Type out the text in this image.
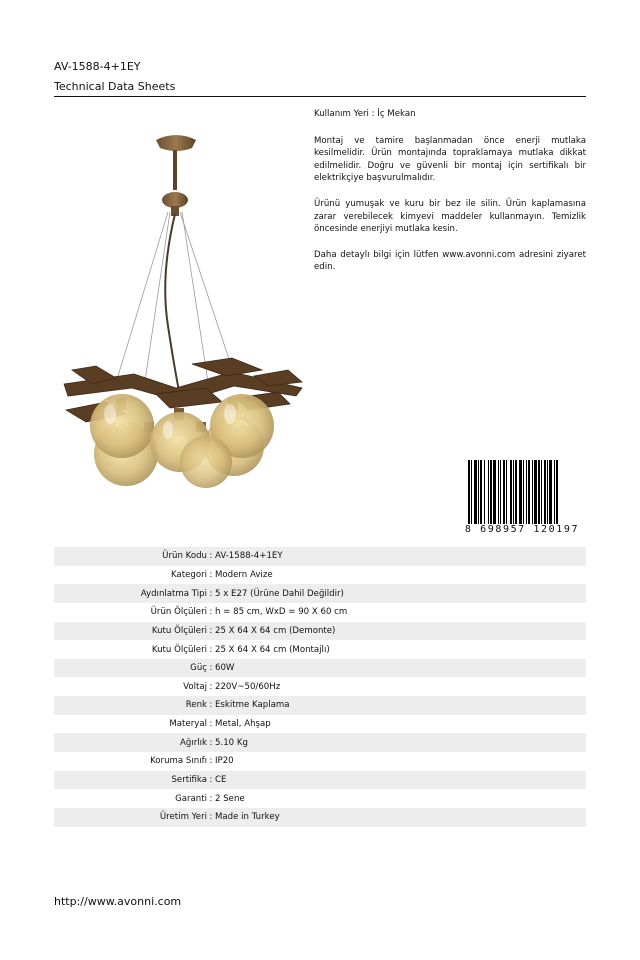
AV-1588-4+1EY
Technical Data Sheets

Kullanım Yeri : İç Mekan

Montaj ve tamire başlanmadan önce enerji mutlaka kesilmelidir. Ürün montajında topraklamaya mutlaka dikkat edilmelidir. Doğru ve güvenli bir montaj için sertifikalı bir elektrikçiye başvurulmalıdır.

Ürünü yumuşak ve kuru bir bez ile silin. Ürün kaplamasına zarar verebilecek kimyevi maddeler kullanmayın. Temizlik öncesinde enerjiyi mutlaka kesin.

Daha detaylı bilgi için lütfen www.avonni.com adresini ziyaret edin.

8 698957 120197
Ürün Kodu : AV-1588-4+1EY
Kategori : Modern Avize
Aydınlatma Tipi : 5 x E27 (Ürüne Dahil Değildir)
Ürün Ölçüleri : h = 85 cm, WxD = 90 X 60 cm
Kutu Ölçüleri : 25 X 64 X 64 cm (Demonte)
Kutu Ölçüleri : 25 X 64 X 64 cm (Montajlı)
Güç : 60W
Voltaj : 220V~50/60Hz
Renk : Eskitme Kaplama
Materyal : Metal, Ahşap
Ağırlık : 5.10 Kg
Koruma Sınıfı : IP20
Sertifika : CE
Garanti : 2 Sene
Üretim Yeri : Made in Turkey
http://www.avonni.com
